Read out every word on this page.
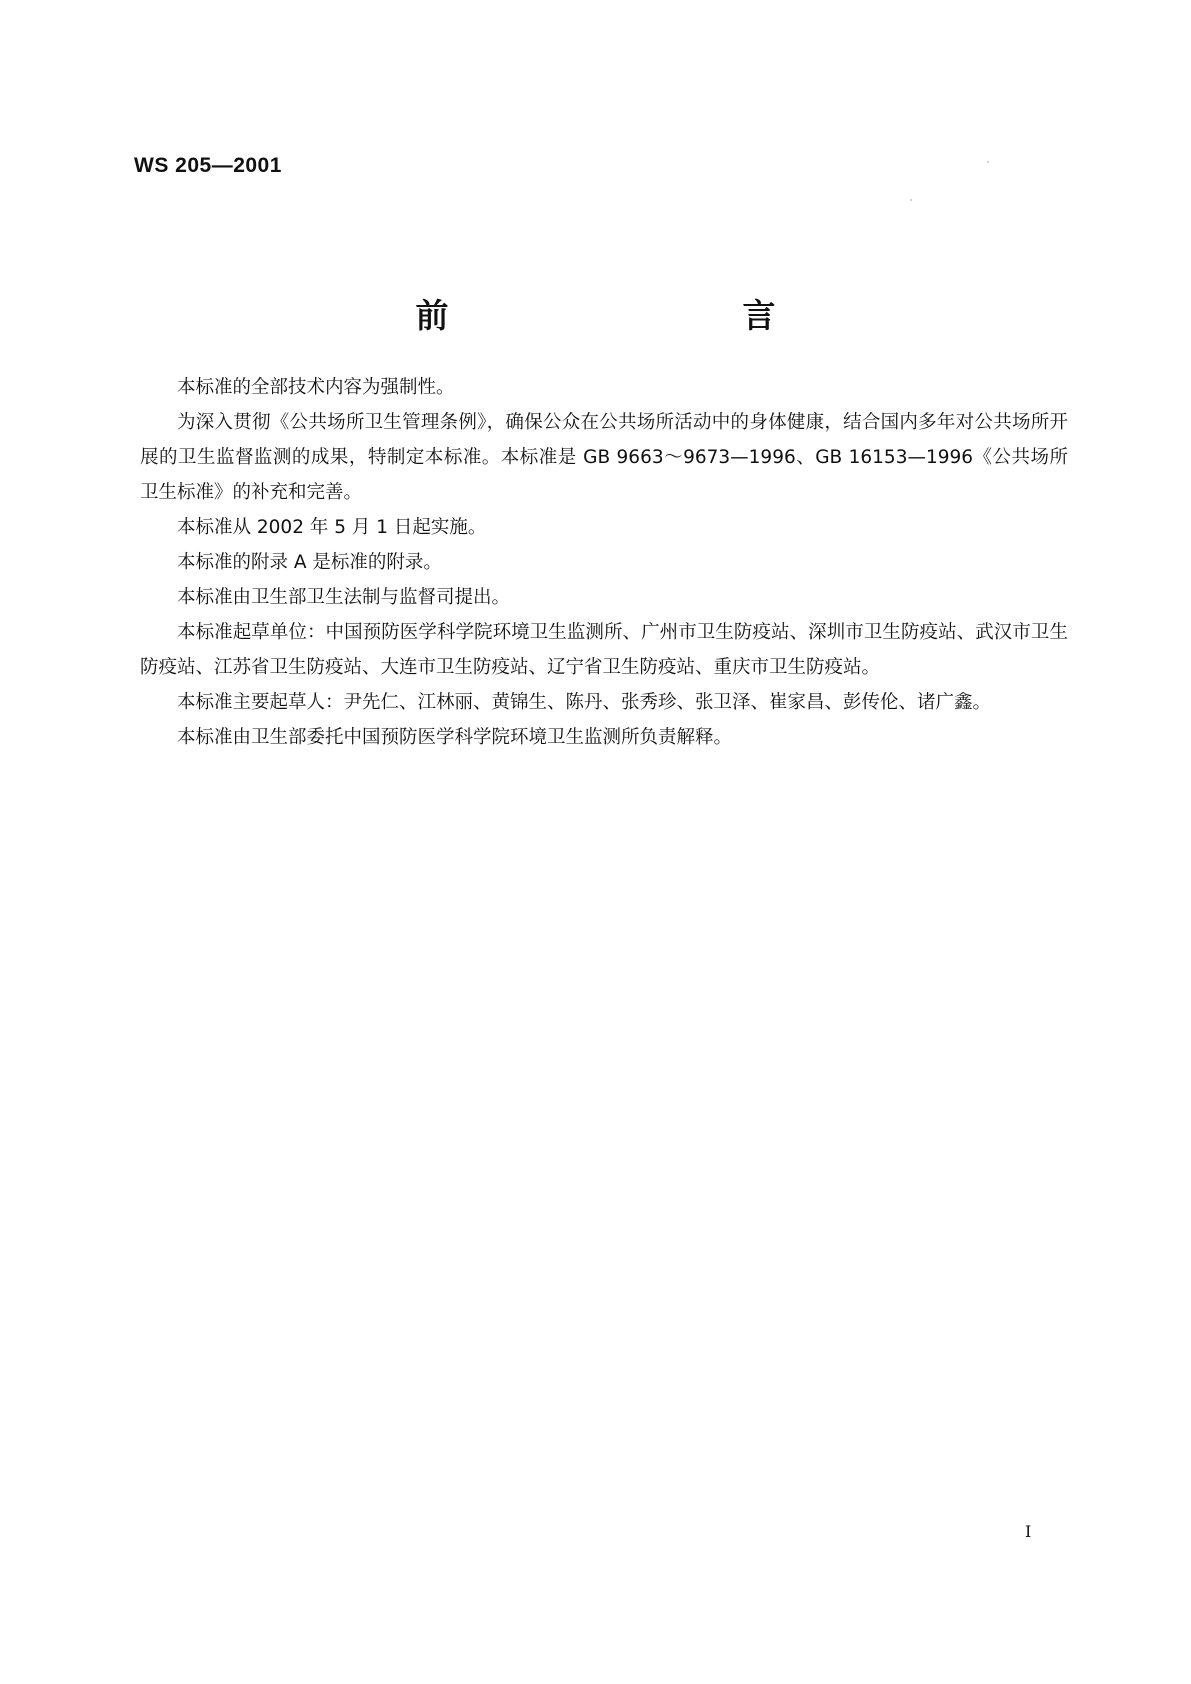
WS 205—2001
前　　言

本标准的全部技术内容为强制性。

为深入贯彻《公共场所卫生管理条例》，确保公众在公共场所活动中的身体健康，结合国内多年对公共场所开展的卫生监督监测的成果，特制定本标准。本标准是 GB 9663～9673—1996、GB 16153—1996《公共场所卫生标准》的补充和完善。

本标准从 2002 年 5 月 1 日起实施。

本标准的附录 A 是标准的附录。

本标准由卫生部卫生法制与监督司提出。

本标准起草单位：中国预防医学科学院环境卫生监测所、广州市卫生防疫站、深圳市卫生防疫站、武汉市卫生防疫站、江苏省卫生防疫站、大连市卫生防疫站、辽宁省卫生防疫站、重庆市卫生防疫站。

本标准主要起草人：尹先仁、江林丽、黄锦生、陈丹、张秀珍、张卫泽、崔家昌、彭传伦、诸广鑫。

本标准由卫生部委托中国预防医学科学院环境卫生监测所负责解释。

I
